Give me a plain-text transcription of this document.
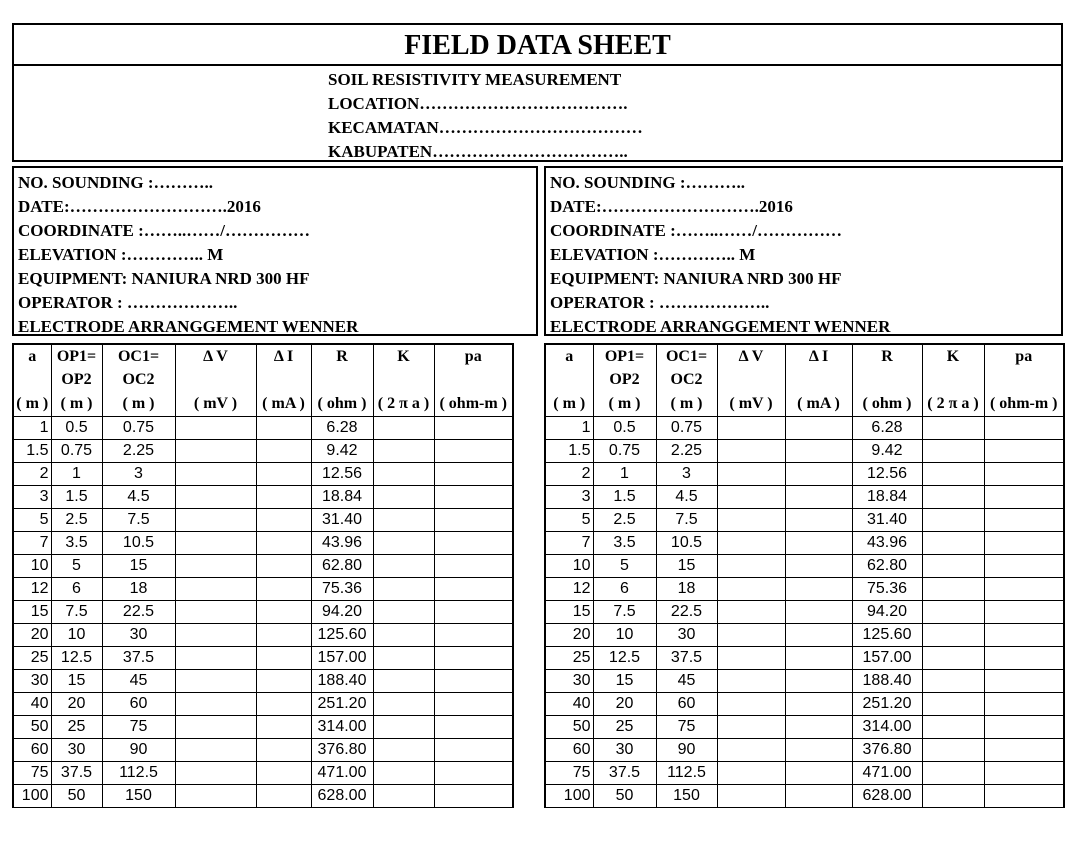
FIELD DATA SHEET
SOIL RESISTIVITY MEASUREMENT
LOCATION……………………………….
KECAMATAN………………………………
KABUPATEN……………………………..
NO. SOUNDING :………..
DATE:……………………….2016
COORDINATE :……..……/……………
ELEVATION :………….. M
EQUIPMENT: NANIURA NRD 300 HF
OPERATOR : ………………..
ELECTRODE ARRANGGEMENT WENNER
NO. SOUNDING :………..
DATE:……………………….2016
COORDINATE :……..……/……………
ELEVATION :………….. M
EQUIPMENT: NANIURA NRD 300 HF
OPERATOR : ………………..
ELECTRODE ARRANGGEMENT WENNER
a	OP1=	OC1=	Δ V	Δ I	R	K	pa
	OP2	OC2					
( m )	( m )	( m )	( mV )	( mA )	( ohm )	( 2 π a )	( ohm-m )
1	0.5	0.75			6.28		
1.5	0.75	2.25			9.42		
2	1	3			12.56		
3	1.5	4.5			18.84		
5	2.5	7.5			31.40		
7	3.5	10.5			43.96		
10	5	15			62.80		
12	6	18			75.36		
15	7.5	22.5			94.20		
20	10	30			125.60		
25	12.5	37.5			157.00		
30	15	45			188.40		
40	20	60			251.20		
50	25	75			314.00		
60	30	90			376.80		
75	37.5	112.5			471.00		
100	50	150			628.00		
a	OP1=	OC1=	Δ V	Δ I	R	K	pa
	OP2	OC2					
( m )	( m )	( m )	( mV )	( mA )	( ohm )	( 2 π a )	( ohm-m )
1	0.5	0.75			6.28		
1.5	0.75	2.25			9.42		
2	1	3			12.56		
3	1.5	4.5			18.84		
5	2.5	7.5			31.40		
7	3.5	10.5			43.96		
10	5	15			62.80		
12	6	18			75.36		
15	7.5	22.5			94.20		
20	10	30			125.60		
25	12.5	37.5			157.00		
30	15	45			188.40		
40	20	60			251.20		
50	25	75			314.00		
60	30	90			376.80		
75	37.5	112.5			471.00		
100	50	150			628.00		
